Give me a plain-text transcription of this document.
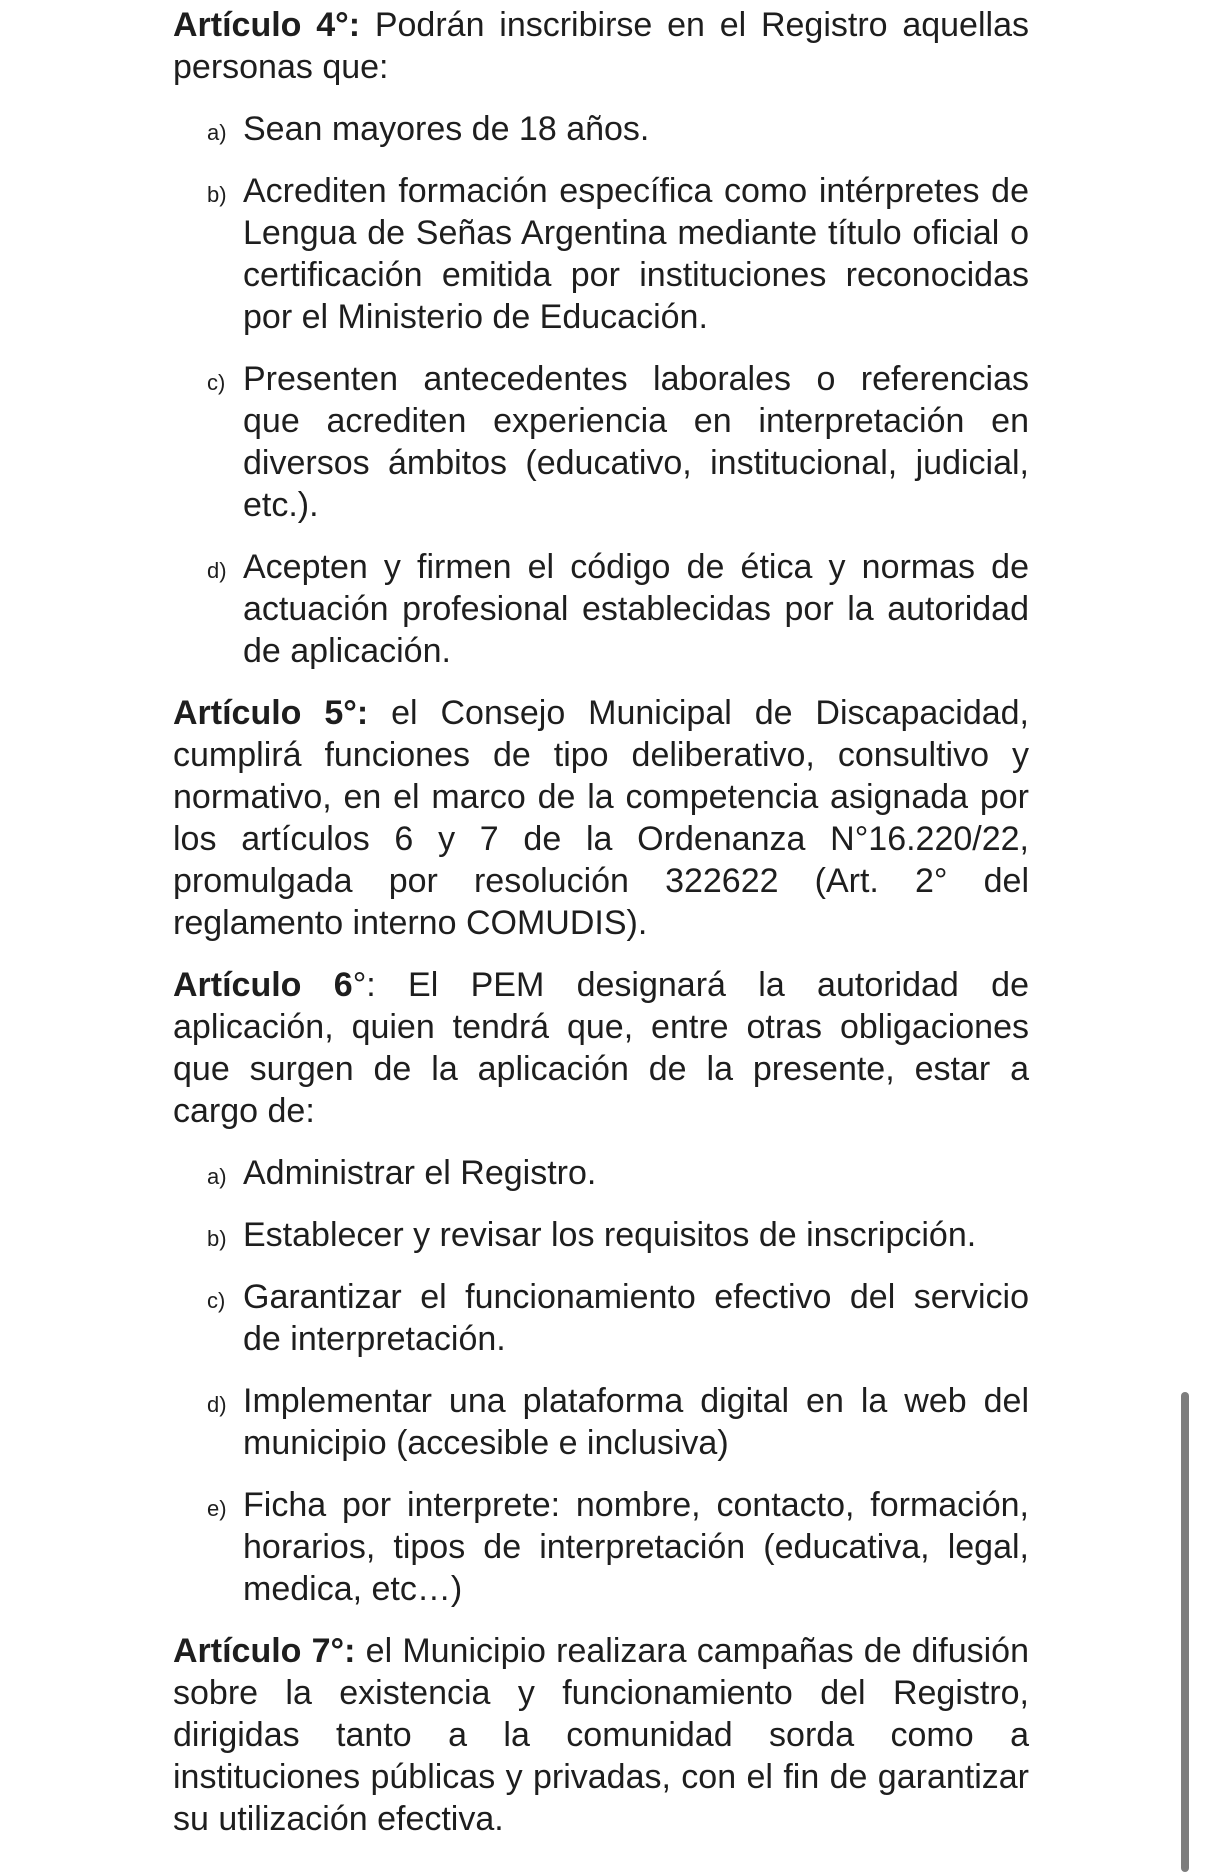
Artículo 4°: Podrán inscribirse en el Registro aquellas personas que:

a) Sean mayores de 18 años.
b) Acrediten formación específica como intérpretes de Lengua de Señas Argentina mediante título oficial o certificación emitida por instituciones reconocidas por el Ministerio de Educación.
c) Presenten antecedentes laborales o referencias que acrediten experiencia en interpretación en diversos ámbitos (educativo, institucional, judicial, etc.).
d) Acepten y firmen el código de ética y normas de actuación profesional establecidas por la autoridad de aplicación.

Artículo 5°: el Consejo Municipal de Discapacidad, cumplirá funciones de tipo deliberativo, consultivo y normativo, en el marco de la competencia asignada por los artículos 6 y 7 de la Ordenanza N°16.220/22, promulgada por resolución 322622 (Art. 2° del reglamento interno COMUDIS).

Artículo 6°: El PEM designará la autoridad de aplicación, quien tendrá que, entre otras obligaciones que surgen de la aplicación de la presente, estar a cargo de:

a) Administrar el Registro.
b) Establecer y revisar los requisitos de inscripción.
c) Garantizar el funcionamiento efectivo del servicio de interpretación.
d) Implementar una plataforma digital en la web del municipio (accesible e inclusiva)
e) Ficha por interprete: nombre, contacto, formación, horarios, tipos de interpretación (educativa, legal, medica, etc…)

Artículo 7°: el Municipio realizara campañas de difusión sobre la existencia y funcionamiento del Registro, dirigidas tanto a la comunidad sorda como a instituciones públicas y privadas, con el fin de garantizar su utilización efectiva.
